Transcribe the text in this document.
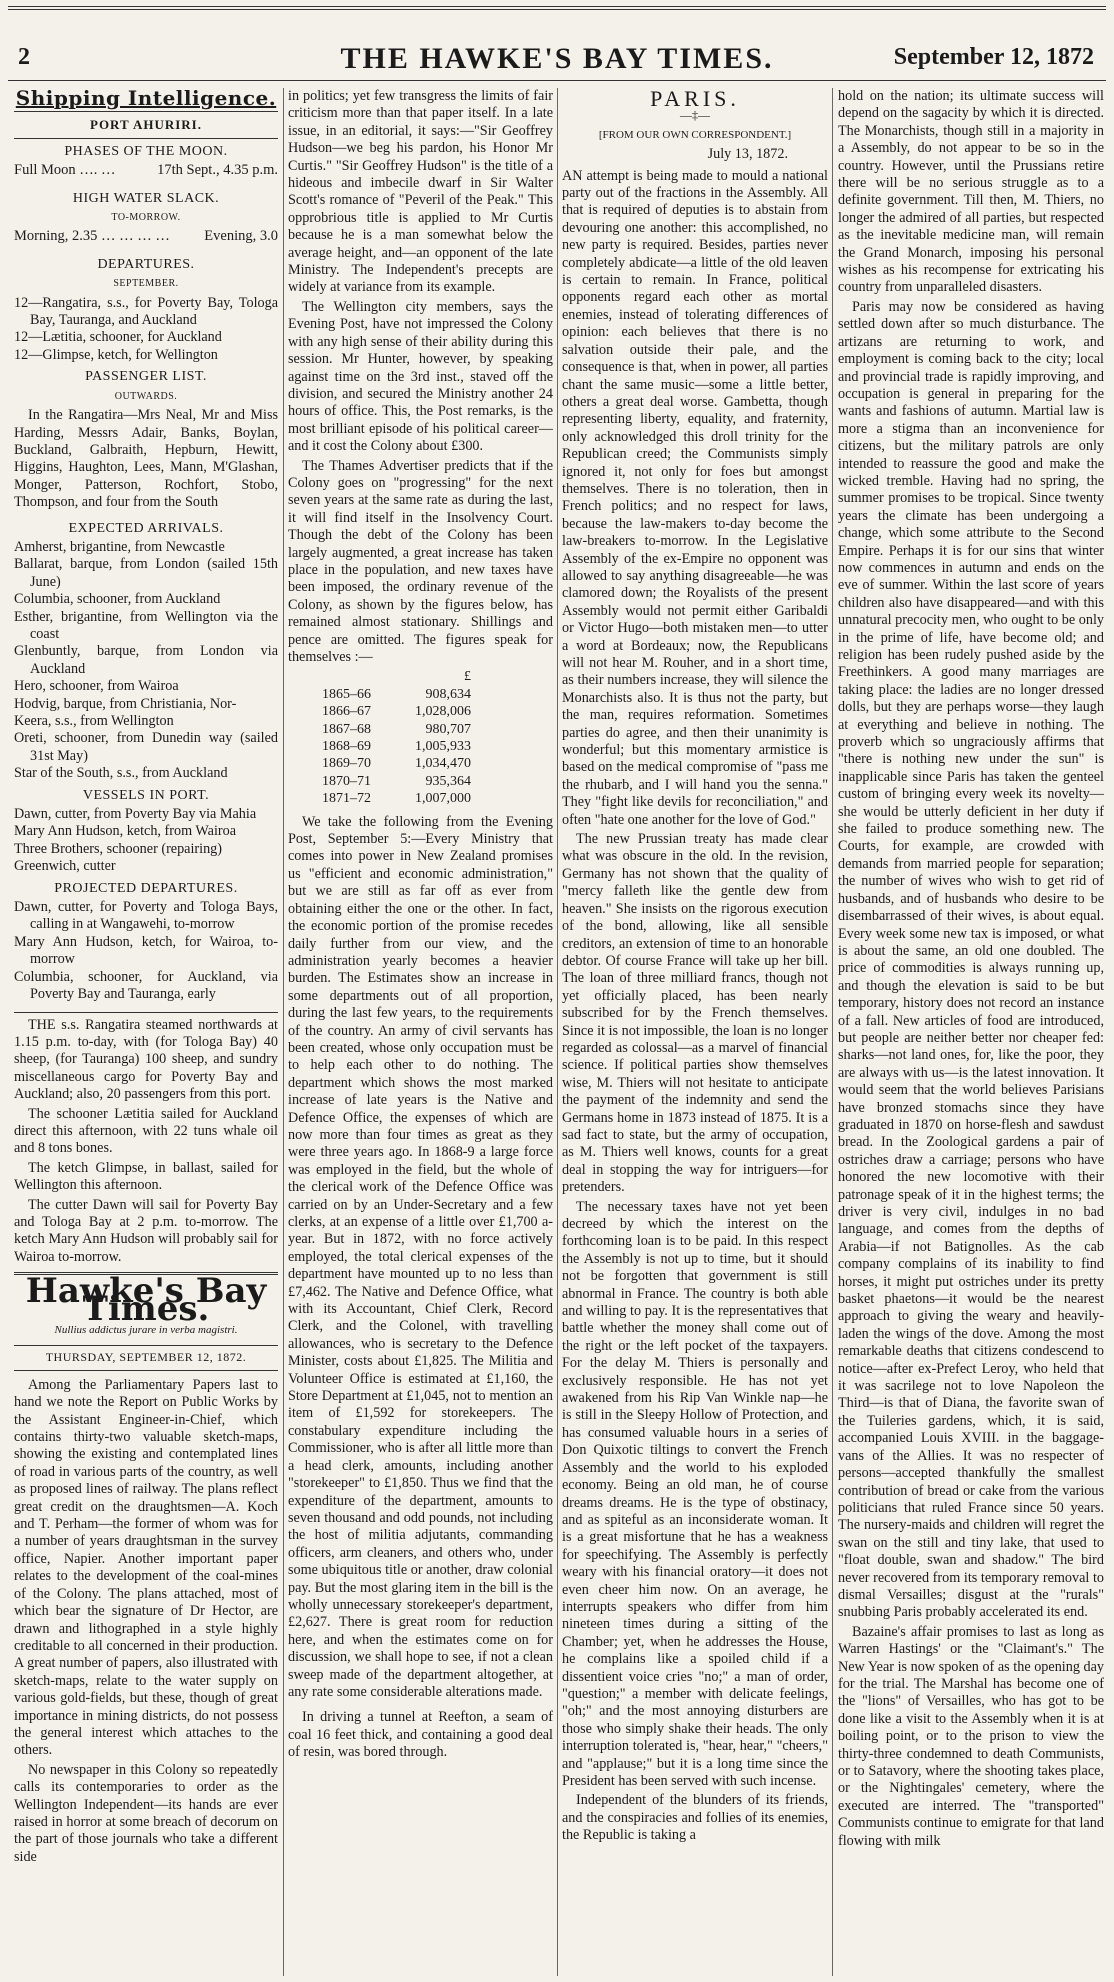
2	THE HAWKE'S BAY TIMES.	September 12, 1872
Shipping Intelligence.
PORT AHURIRI.
PHASES OF THE MOON.
Full Moon …. …	17th Sept., 4.35 p.m.
HIGH WATER SLACK.
TO-MORROW.
Morning, 2.35 … … … … Evening, 3.0
DEPARTURES.
SEPTEMBER.
12—Rangatira, s.s., for Poverty Bay, Tologa Bay, Tauranga, and Auckland
12—Lætitia, schooner, for Auckland
12—Glimpse, ketch, for Wellington
PASSENGER LIST.
OUTWARDS.

In the Rangatira—Mrs Neal, Mr and Miss Harding, Messrs Adair, Banks, Boylan, Buckland, Galbraith, Hepburn, Hewitt, Higgins, Haughton, Lees, Mann, M'Glashan, Monger, Patterson, Rochfort, Stobo, Thompson, and four from the South

EXPECTED ARRIVALS.
Amherst, brigantine, from Newcastle
Ballarat, barque, from London (sailed 15th June)
Columbia, schooner, from Auckland
Esther, brigantine, from Wellington via the coast
Glenbuntly, barque, from London via Auckland
Hero, schooner, from Wairoa
Hodvig, barque, from Christiania, Nor-
Keera, s.s., from Wellington
Oreti, schooner, from Dunedin way (sailed 31st May)
Star of the South, s.s., from Auckland
VESSELS IN PORT.
Dawn, cutter, from Poverty Bay via Mahia
Mary Ann Hudson, ketch, from Wairoa
Three Brothers, schooner (repairing)
Greenwich, cutter
PROJECTED DEPARTURES.
Dawn, cutter, for Poverty and Tologa Bays, calling in at Wangawehi, to-morrow
Mary Ann Hudson, ketch, for Wairoa, to-morrow
Columbia, schooner, for Auckland, via Poverty Bay and Tauranga, early

THE s.s. Rangatira steamed northwards at 1.15 p.m. to-day, with (for Tologa Bay) 40 sheep, (for Tauranga) 100 sheep, and sundry miscellaneous cargo for Poverty Bay and Auckland; also, 20 passengers from this port.

The schooner Lætitia sailed for Auckland direct this afternoon, with 22 tuns whale oil and 8 tons bones.

The ketch Glimpse, in ballast, sailed for Wellington this afternoon.

The cutter Dawn will sail for Poverty Bay and Tologa Bay at 2 p.m. to-morrow. The ketch Mary Ann Hudson will probably sail for Wairoa to-morrow.

Hawke's Bay Times.
Nullius addictus jurare in verba magistri.
THURSDAY, SEPTEMBER 12, 1872.

Among the Parliamentary Papers last to hand we note the Report on Public Works by the Assistant Engineer-in-Chief, which contains thirty-two valuable sketch-maps, showing the existing and contemplated lines of road in various parts of the country, as well as proposed lines of railway. The plans reflect great credit on the draughtsmen—A. Koch and T. Perham—the former of whom was for a number of years draughtsman in the survey office, Napier. Another important paper relates to the development of the coal-mines of the Colony. The plans attached, most of which bear the signature of Dr Hector, are drawn and lithographed in a style highly creditable to all concerned in their production. A great number of papers, also illustrated with sketch-maps, relate to the water supply on various gold-fields, but these, though of great importance in mining districts, do not possess the general interest which attaches to the others.

No newspaper in this Colony so repeatedly calls its contemporaries to order as the Wellington Independent—its hands are ever raised in horror at some breach of decorum on the part of those journals who take a different side

in politics; yet few transgress the limits of fair criticism more than that paper itself. In a late issue, in an editorial, it says:—"Sir Geoffrey Hudson—we beg his pardon, his Honor Mr Curtis." "Sir Geoffrey Hudson" is the title of a hideous and imbecile dwarf in Sir Walter Scott's romance of "Peveril of the Peak." This opprobrious title is applied to Mr Curtis because he is a man somewhat below the average height, and—an opponent of the late Ministry. The Independent's precepts are widely at variance from its example.

The Wellington city members, says the Evening Post, have not impressed the Colony with any high sense of their ability during this session. Mr Hunter, however, by speaking against time on the 3rd inst., staved off the division, and secured the Ministry another 24 hours of office. This, the Post remarks, is the most brilliant episode of his political career—and it cost the Colony about £300.

The Thames Advertiser predicts that if the Colony goes on "progressing" for the next seven years at the same rate as during the last, it will find itself in the Insolvency Court. Though the debt of the Colony has been largely augmented, a great increase has taken place in the population, and new taxes have been imposed, the ordinary revenue of the Colony, as shown by the figures below, has remained almost stationary. Shillings and pence are omitted. The figures speak for themselves :—

	£
1865–66	908,634
1866–67	1,028,006
1867–68	980,707
1868–69	1,005,933
1869–70	1,034,470
1870–71	935,364
1871–72	1,007,000

We take the following from the Evening Post, September 5:—Every Ministry that comes into power in New Zealand promises us "efficient and economic administration," but we are still as far off as ever from obtaining either the one or the other. In fact, the economic portion of the promise recedes daily further from our view, and the administration yearly becomes a heavier burden. The Estimates show an increase in some departments out of all proportion, during the last few years, to the requirements of the country. An army of civil servants has been created, whose only occupation must be to help each other to do nothing. The department which shows the most marked increase of late years is the Native and Defence Office, the expenses of which are now more than four times as great as they were three years ago. In 1868-9 a large force was employed in the field, but the whole of the clerical work of the Defence Office was carried on by an Under-Secretary and a few clerks, at an expense of a little over £1,700 a-year. But in 1872, with no force actively employed, the total clerical expenses of the department have mounted up to no less than £7,462. The Native and Defence Office, what with its Accountant, Chief Clerk, Record Clerk, and the Colonel, with travelling allowances, who is secretary to the Defence Minister, costs about £1,825. The Militia and Volunteer Office is estimated at £1,160, the Store Department at £1,045, not to mention an item of £1,592 for storekeepers. The constabulary expenditure including the Commissioner, who is after all little more than a head clerk, amounts, including another "storekeeper" to £1,850. Thus we find that the expenditure of the department, amounts to seven thousand and odd pounds, not including the host of militia adjutants, commanding officers, arm cleaners, and others who, under some ubiquitous title or another, draw colonial pay. But the most glaring item in the bill is the wholly unnecessary storekeeper's department, £2,627. There is great room for reduction here, and when the estimates come on for discussion, we shall hope to see, if not a clean sweep made of the department altogether, at any rate some considerable alterations made.

In driving a tunnel at Reefton, a seam of coal 16 feet thick, and containing a good deal of resin, was bored through.

PARIS.
—‡—
[FROM OUR OWN CORRESPONDENT.]
July 13, 1872.

AN attempt is being made to mould a national party out of the fractions in the Assembly. All that is required of deputies is to abstain from devouring one another: this accomplished, no new party is required. Besides, parties never completely abdicate—a little of the old leaven is certain to remain. In France, political opponents regard each other as mortal enemies, instead of tolerating differences of opinion: each believes that there is no salvation outside their pale, and the consequence is that, when in power, all parties chant the same music—some a little better, others a great deal worse. Gambetta, though representing liberty, equality, and fraternity, only acknowledged this droll trinity for the Republican creed; the Communists simply ignored it, not only for foes but amongst themselves. There is no toleration, then in French politics; and no respect for laws, because the law-makers to-day become the law-breakers to-morrow. In the Legislative Assembly of the ex-Empire no opponent was allowed to say anything disagreeable—he was clamored down; the Royalists of the present Assembly would not permit either Garibaldi or Victor Hugo—both mistaken men—to utter a word at Bordeaux; now, the Republicans will not hear M. Rouher, and in a short time, as their numbers increase, they will silence the Monarchists also. It is thus not the party, but the man, requires reformation. Sometimes parties do agree, and then their unanimity is wonderful; but this momentary armistice is based on the medical compromise of "pass me the rhubarb, and I will hand you the senna." They "fight like devils for reconciliation," and often "hate one another for the love of God."

The new Prussian treaty has made clear what was obscure in the old. In the revision, Germany has not shown that the quality of "mercy falleth like the gentle dew from heaven." She insists on the rigorous execution of the bond, allowing, like all sensible creditors, an extension of time to an honorable debtor. Of course France will take up her bill. The loan of three milliard francs, though not yet officially placed, has been nearly subscribed for by the French themselves. Since it is not impossible, the loan is no longer regarded as colossal—as a marvel of financial science. If political parties show themselves wise, M. Thiers will not hesitate to anticipate the payment of the indemnity and send the Germans home in 1873 instead of 1875. It is a sad fact to state, but the army of occupation, as M. Thiers well knows, counts for a great deal in stopping the way for intriguers—for pretenders.

The necessary taxes have not yet been decreed by which the interest on the forthcoming loan is to be paid. In this respect the Assembly is not up to time, but it should not be forgotten that government is still abnormal in France. The country is both able and willing to pay. It is the representatives that battle whether the money shall come out of the right or the left pocket of the taxpayers. For the delay M. Thiers is personally and exclusively responsible. He has not yet awakened from his Rip Van Winkle nap—he is still in the Sleepy Hollow of Protection, and has consumed valuable hours in a series of Don Quixotic tiltings to convert the French Assembly and the world to his exploded economy. Being an old man, he of course dreams dreams. He is the type of obstinacy, and as spiteful as an inconsiderate woman. It is a great misfortune that he has a weakness for speechifying. The Assembly is perfectly weary with his financial oratory—it does not even cheer him now. On an average, he interrupts speakers who differ from him nineteen times during a sitting of the Chamber; yet, when he addresses the House, he complains like a spoiled child if a dissentient voice cries "no;" a man of order, "question;" a member with delicate feelings, "oh;" and the most annoying disturbers are those who simply shake their heads. The only interruption tolerated is, "hear, hear," "cheers," and "applause;" but it is a long time since the President has been served with such incense.

Independent of the blunders of its friends, and the conspiracies and follies of its enemies, the Republic is taking a

hold on the nation; its ultimate success will depend on the sagacity by which it is directed. The Monarchists, though still in a majority in a Assembly, do not appear to be so in the country. However, until the Prussians retire there will be no serious struggle as to a definite government. Till then, M. Thiers, no longer the admired of all parties, but respected as the inevitable medicine man, will remain the Grand Monarch, imposing his personal wishes as his recompense for extricating his country from unparalleled disasters.

Paris may now be considered as having settled down after so much disturbance. The artizans are returning to work, and employment is coming back to the city; local and provincial trade is rapidly improving, and occupation is general in preparing for the wants and fashions of autumn. Martial law is more a stigma than an inconvenience for citizens, but the military patrols are only intended to reassure the good and make the wicked tremble. Having had no spring, the summer promises to be tropical. Since twenty years the climate has been undergoing a change, which some attribute to the Second Empire. Perhaps it is for our sins that winter now commences in autumn and ends on the eve of summer. Within the last score of years children also have disappeared—and with this unnatural precocity men, who ought to be only in the prime of life, have become old; and religion has been rudely pushed aside by the Freethinkers. A good many marriages are taking place: the ladies are no longer dressed dolls, but they are perhaps worse—they laugh at everything and believe in nothing. The proverb which so ungraciously affirms that "there is nothing new under the sun" is inapplicable since Paris has taken the genteel custom of bringing every week its novelty—she would be utterly deficient in her duty if she failed to produce something new. The Courts, for example, are crowded with demands from married people for separation; the number of wives who wish to get rid of husbands, and of husbands who desire to be disembarrassed of their wives, is about equal. Every week some new tax is imposed, or what is about the same, an old one doubled. The price of commodities is always running up, and though the elevation is said to be but temporary, history does not record an instance of a fall. New articles of food are introduced, but people are neither better nor cheaper fed: sharks—not land ones, for, like the poor, they are always with us—is the latest innovation. It would seem that the world believes Parisians have bronzed stomachs since they have graduated in 1870 on horse-flesh and sawdust bread. In the Zoological gardens a pair of ostriches draw a carriage; persons who have honored the new locomotive with their patronage speak of it in the highest terms; the driver is very civil, indulges in no bad language, and comes from the depths of Arabia—if not Batignolles. As the cab company complains of its inability to find horses, it might put ostriches under its pretty basket phaetons—it would be the nearest approach to giving the weary and heavily-laden the wings of the dove. Among the most remarkable deaths that citizens condescend to notice—after ex-Prefect Leroy, who held that it was sacrilege not to love Napoleon the Third—is that of Diana, the favorite swan of the Tuileries gardens, which, it is said, accompanied Louis XVIII. in the baggage-vans of the Allies. It was no respecter of persons—accepted thankfully the smallest contribution of bread or cake from the various politicians that ruled France since 50 years. The nursery-maids and children will regret the swan on the still and tiny lake, that used to "float double, swan and shadow." The bird never recovered from its temporary removal to dismal Versailles; disgust at the "rurals" snubbing Paris probably accelerated its end.

Bazaine's affair promises to last as long as Warren Hastings' or the "Claimant's." The New Year is now spoken of as the opening day for the trial. The Marshal has become one of the "lions" of Versailles, who has got to be done like a visit to the Assembly when it is at boiling point, or to the prison to view the thirty-three condemned to death Communists, or to Satavory, where the shooting takes place, or the Nightingales' cemetery, where the executed are interred. The "transported" Communists continue to emigrate for that land flowing with milk
